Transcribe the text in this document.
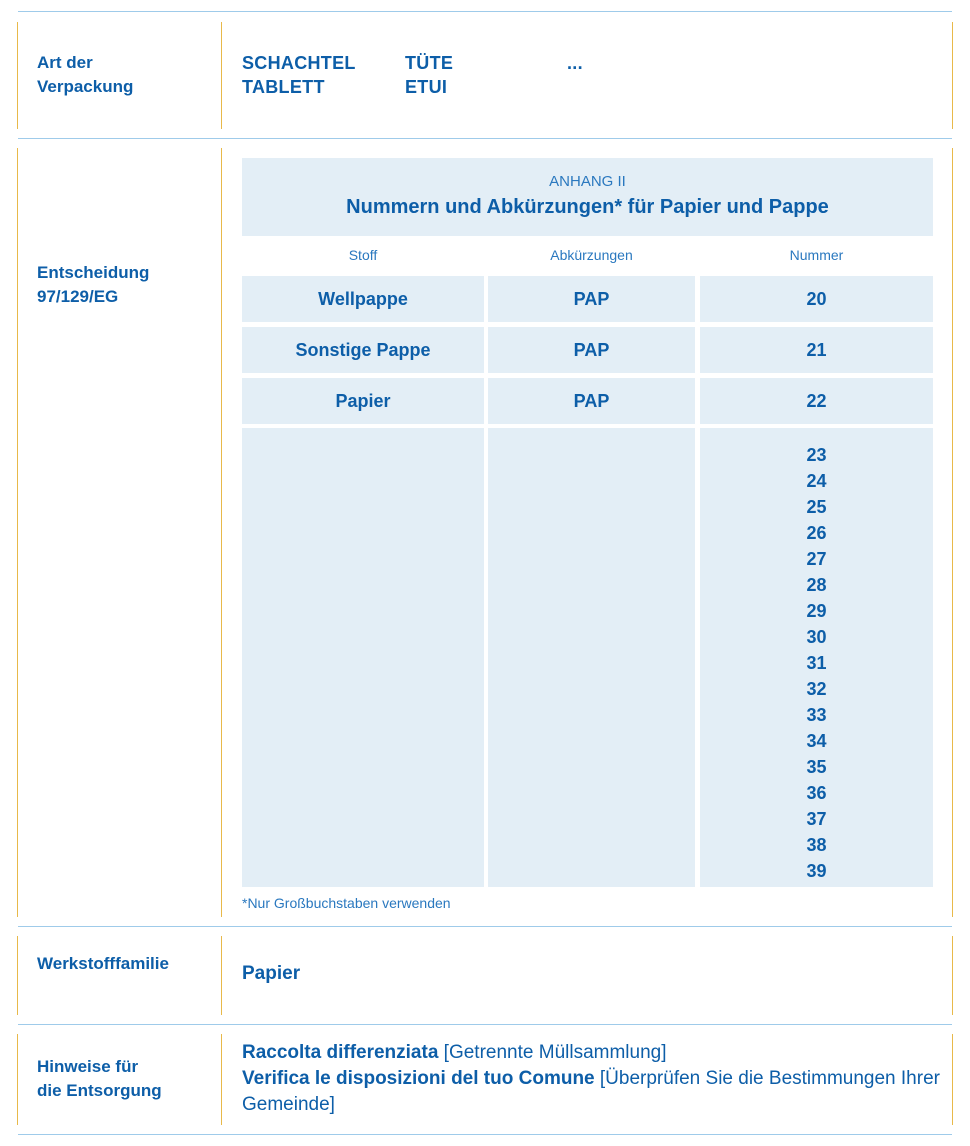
Art der
Verpackung
SCHACHTEL	TÜTE	...
TABLETT	ETUI
Entscheidung
97/129/EG
ANHANG II
Nummern und Abkürzungen* für Papier und Pappe
Stoff	Abkürzungen	Nummer
Wellpappe	PAP	20
Sonstige Pappe	PAP	21
Papier	PAP	22
23
24
25
26
27
28
29
30
31
32
33
34
35
36
37
38
39
*Nur Großbuchstaben verwenden
Werkstofffamilie	Papier
Hinweise für
die Entsorgung
Raccolta differenziata [Getrennte Müllsammlung]
Verifica le disposizioni del tuo Comune [Überprüfen Sie die Bestimmungen Ihrer Gemeinde]
